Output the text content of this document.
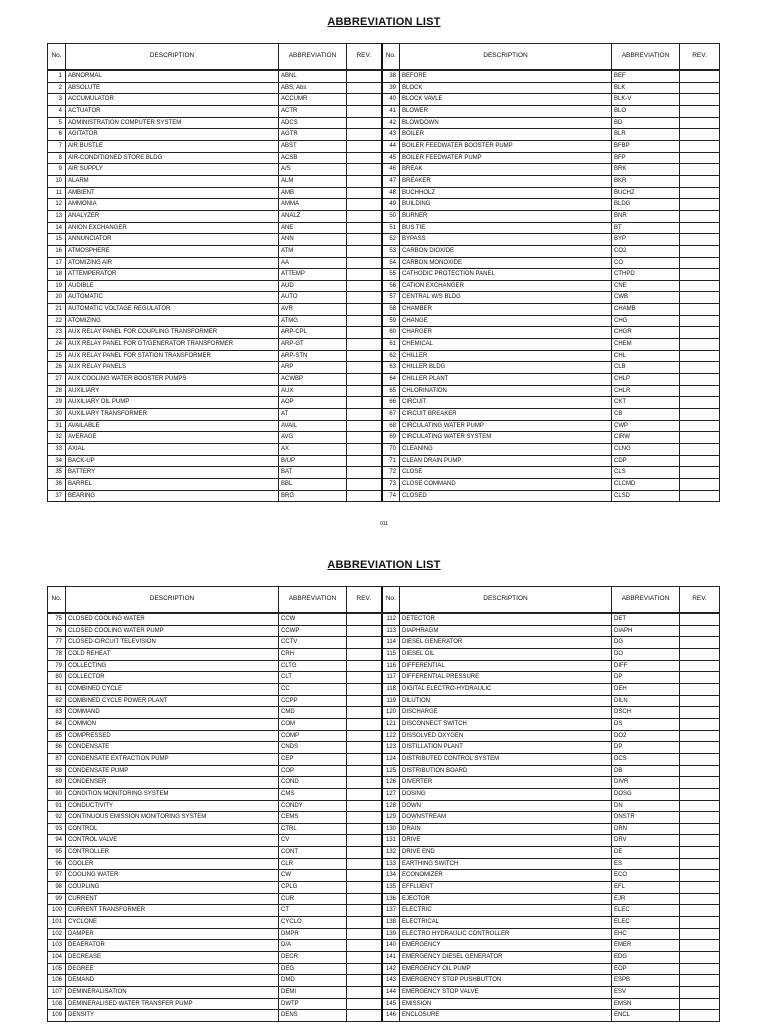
ABBREVIATION LIST
No.	DESCRIPTION	ABBREVIATION	REV.	No.	DESCRIPTION	ABBREVIATION	REV.
1	ABNORMAL	ABNL		38	BEFORE	BEF	
2	ABSOLUTE	ABS, Abs		39	BLOCK	BLK	
3	ACCUMULATOR	ACCUMR		40	BLOCK VAVLE	BLK-V	
4	ACTUATOR	ACTR		41	BLOWER	BLO	
5	ADMINISTRATION COMPUTER SYSTEM	ADCS		42	BLOWDOWN	BD	
6	AGITATOR	AGTR		43	BOILER	BLR	
7	AIR BUSTLE	ABST		44	BOILER FEEDWATER BOOSTER PUMP	BFBP	
8	AIR-CONDITIONED STORE BLDG	ACSB		45	BOILER FEEDWATER PUMP	BFP	
9	AIR SUPPLY	A/S		46	BREAK	BRK	
10	ALARM	ALM		47	BREAKER	BKR	
11	AMBIENT	AMB		48	BUCHHOLZ	BUCHZ	
12	AMMONIA	AMMA		49	BUILDING	BLDG	
13	ANALYZER	ANALZ		50	BURNER	BNR	
14	ANION EXCHANGER	ANE		51	BUS TIE	BT	
15	ANNUNCIATOR	ANN		52	BYPASS	BYP	
16	ATMOSPHERE	ATM		53	CARBON DIOXIDE	CO2	
17	ATOMIZING AIR	AA		54	CARBON MONOXIDE	CO	
18	ATTEMPERATOR	ATTEMP		55	CATHODIC PROTECTION PANEL	CTHPD	
19	AUDIBLE	AUD		56	CATION EXCHANGER	CNE	
20	AUTOMATIC	AUTO		57	CENTRAL W/S BLDG	CWB	
21	AUTOMATIC VOLTAGE REGULATOR	AVR		58	CHAMBER	CHAMB	
22	ATOMIZING	ATMG		59	CHANGE	CHG	
23	AUX RELAY PANEL FOR COUPLING TRANSFORMER	ARP-CPL		60	CHARGER	CHGR	
24	AUX RELAY PANEL FOR GT/GENERATOR TRANSFORMER	ARP-GT		61	CHEMICAL	CHEM	
25	AUX RELAY PANEL FOR STATION TRANSFORMER	ARP-STN		62	CHILLER	CHL	
26	AUX RELAY PANELS	ARP		63	CHILLER BLDG	CLB	
27	AUX COOLING WATER BOOSTER PUMPS	ACWBP		64	CHILLER PLANT	CHLP	
28	AUXILIARY	AUX		65	CHLORINATION	CHLR	
29	AUXILIARY OIL PUMP	AOP		66	CIRCUIT	CKT	
30	AUXILIARY TRANSFORMER	AT		67	CIRCUIT BREAKER	CB	
31	AVAILABLE	AVAIL		68	CIRCULATING WATER PUMP	CWP	
32	AVERAGE	AVG		69	CIRCULATING WATER SYSTEM	CIRW	
33	AXIAL	AX		70	CLEANING	CLNG	
34	BACK-UP	B/UP		71	CLEAN DRAIN PUMP	CDP	
35	BATTERY	BAT		72	CLOSE	CLS	
36	BARREL	BBL		73	CLOSE COMMAND	CLCMD	
37	BEARING	BRG		74	CLOSED	CLSD	
011
ABBREVIATION LIST
No.	DESCRIPTION	ABBREVIATION	REV.	No.	DESCRIPTION	ABBREVIATION	REV.
75	CLOSED COOLING WATER	CCW		112	DETECTOR	DET	
76	CLOSED COOLING WATER PUMP	CCWP		113	DIAPHRAGM	DIAPH	
77	CLOSED-CIRCUIT TELEVISION	CCTV		114	DIESEL GENERATOR	DG	
78	COLD REHEAT	CRH		115	DIESEL OIL	DO	
79	COLLECTING	CLTG		116	DIFFERENTIAL	DIFF	
80	COLLECTOR	CLT		117	DIFFERENTIAL PRESSURE	DP	
81	COMBINED CYCLE	CC		118	DIGITAL ELECTRO-HYDRAULIC	DEH	
82	COMBINED CYCLE POWER PLANT	CCPP		119	DILUTION	DILN	
83	COMMAND	CMD		120	DISCHARGE	DSCH	
84	COMMON	COM		121	DISCONNECT SWITCH	DS	
85	COMPRESSED	COMP		122	DISSOLVED OXYGEN	DO2	
86	CONDENSATE	CNDS		123	DISTILLATION PLANT	DP	
87	CONDENSATE EXTRACTION PUMP	CEP		124	DISTRIBUTED CONTROL SYSTEM	DCS	
88	CONDENSATE PUMP	COP		125	DISTRIBUTION BOARD	DB	
89	CONDENSER	COND		126	DIVERTER	DIVR	
90	CONDITION MONITORING SYSTEM	CMS		127	DOSING	DOSG	
91	CONDUCTIVITY	CONDY		128	DOWN	DN	
92	CONTINUOUS EMISSION MONITORING SYSTEM	CEMS		129	DOWNSTREAM	DNSTR	
93	CONTROL	CTRL		130	DRAIN	DRN	
94	CONTROL VALVE	CV		131	DRIVE	DRV	
95	CONTROLLER	CONT		132	DRIVE END	DE	
96	COOLER	CLR		133	EARTHING SWITCH	ES	
97	COOLING WATER	CW		134	ECONOMIZER	ECO	
98	COUPLING	CPLG		135	EFFLUENT	EFL	
99	CURRENT	CUR		136	EJECTOR	EJR	
100	CURRENT TRANSFORMER	CT		137	ELECTRIC	ELEC	
101	CYCLONE	CYCLO		138	ELECTRICAL	ELEC	
102	DAMPER	DMPR		139	ELECTRO HYDRAULIC CONTROLLER	EHC	
103	DEAERATOR	D/A		140	EMERGENCY	EMER	
104	DECREASE	DECR		141	EMERGENCY DIESEL GENERATOR	EDG	
105	DEGREE	DEG		142	EMERGENCY OIL PUMP	EOP	
106	DEMAND	DMD		143	EMERGENCY STOP PUSHBUTTON	ESPB	
107	DEMINERALISATION	DEMI		144	EMERGENCY STOP VALVE	ESV	
108	DEMINERALISED WATER TRANSFER PUMP	DWTP		145	EMISSION	EMSN	
109	DENSITY	DENS		146	ENCLOSURE	ENCL	
